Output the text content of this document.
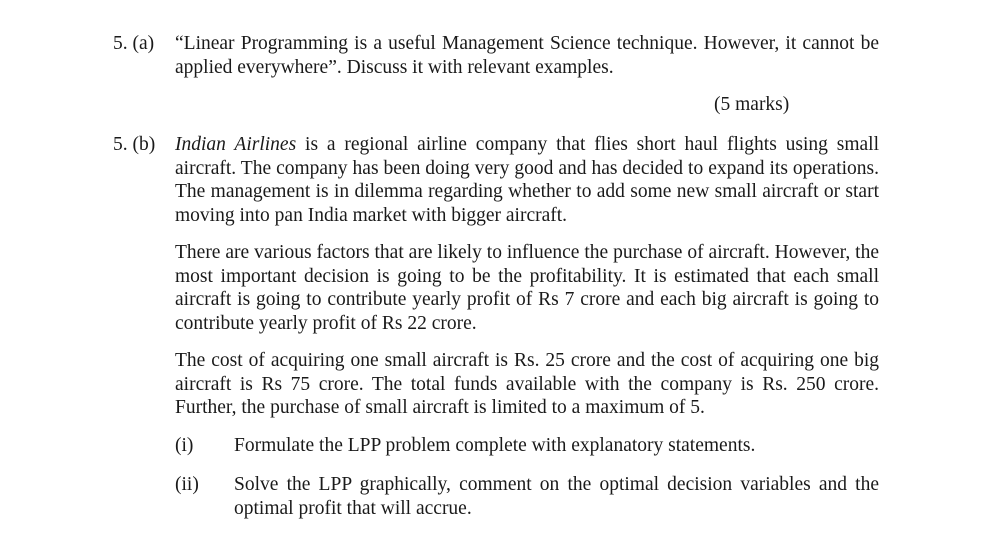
5. (a) “Linear Programming is a useful Management Science technique. However, it cannot be applied everywhere”. Discuss it with relevant examples.
(5 marks)
5. (b) Indian Airlines is a regional airline company that flies short haul flights using small aircraft. The company has been doing very good and has decided to expand its operations. The management is in dilemma regarding whether to add some new small aircraft or start moving into pan India market with bigger aircraft.
There are various factors that are likely to influence the purchase of aircraft. However, the most important decision is going to be the profitability. It is estimated that each small aircraft is going to contribute yearly profit of Rs 7 crore and each big aircraft is going to contribute yearly profit of Rs 22 crore.
The cost of acquiring one small aircraft is Rs. 25 crore and the cost of acquiring one big aircraft is Rs 75 crore. The total funds available with the company is Rs. 250 crore. Further, the purchase of small aircraft is limited to a maximum of 5.
(i) Formulate the LPP problem complete with explanatory statements.
(ii) Solve the LPP graphically, comment on the optimal decision variables and the optimal profit that will accrue.
